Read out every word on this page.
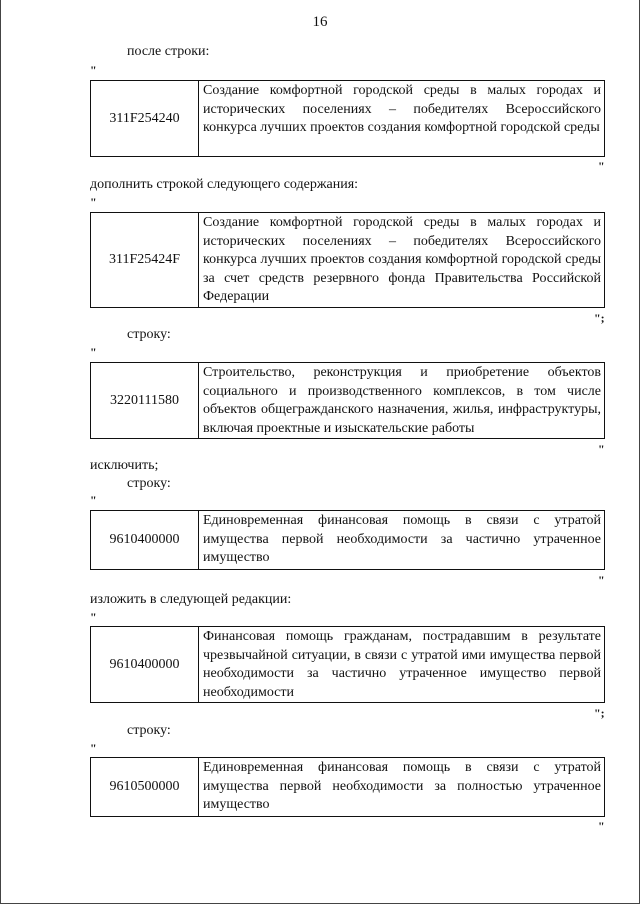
16
после строки:
"
311F254240
Создание комфортной городской среды в малых городах и исторических поселениях – победителях Всероссийского конкурса лучших проектов создания комфортной городской среды
"
дополнить строкой следующего содержания:
"
311F25424F
Создание комфортной городской среды в малых городах и исторических поселениях – победителях Всероссийского конкурса лучших проектов создания комфортной городской среды за счет средств резервного фонда Правительства Российской Федерации
";
строку:
"
3220111580
Строительство, реконструкция и приобретение объектов социального и производственного комплексов, в том числе объектов общегражданского назначения, жилья, инфраструктуры, включая проектные и изыскательские работы
"
исключить;
строку:
"
9610400000
Единовременная финансовая помощь в связи с утратой имущества первой необходимости за частично утраченное имущество
"
изложить в следующей редакции:
"
9610400000
Финансовая помощь гражданам, пострадавшим в результате чрезвычайной ситуации, в связи с утратой ими имущества первой необходимости за частично утраченное имущество первой необходимости
";
строку:
"
9610500000
Единовременная финансовая помощь в связи с утратой имущества первой необходимости за полностью утраченное имущество
"
